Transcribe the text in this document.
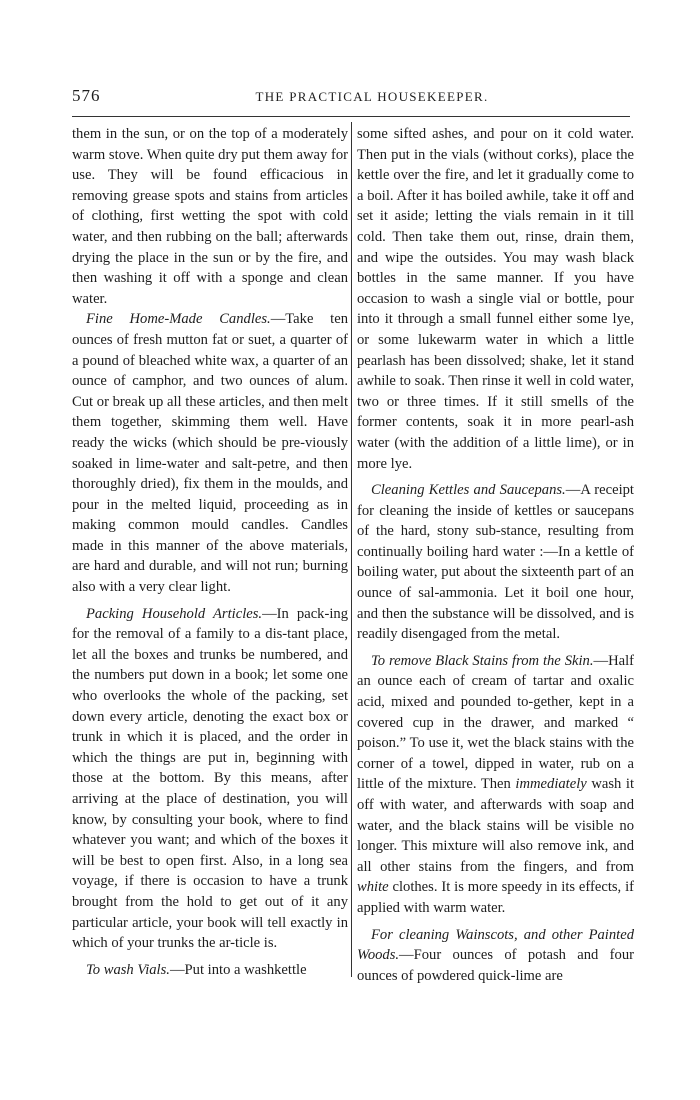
576	THE PRACTICAL HOUSEKEEPER.

them in the sun, or on the top of a moderately warm stove. When quite dry put them away for use. They will be found efficacious in removing grease spots and stains from articles of clothing, first wetting the spot with cold water, and then rubbing on the ball; afterwards drying the place in the sun or by the fire, and then washing it off with a sponge and clean water.

Fine Home-Made Candles.—Take ten ounces of fresh mutton fat or suet, a quarter of a pound of bleached white wax, a quarter of an ounce of camphor, and two ounces of alum. Cut or break up all these articles, and then melt them together, skimming them well. Have ready the wicks (which should be pre-viously soaked in lime-water and salt-petre, and then thoroughly dried), fix them in the moulds, and pour in the melted liquid, proceeding as in making common mould candles. Candles made in this manner of the above materials, are hard and durable, and will not run; burning also with a very clear light.

Packing Household Articles.—In pack-ing for the removal of a family to a dis-tant place, let all the boxes and trunks be numbered, and the numbers put down in a book; let some one who overlooks the whole of the packing, set down every article, denoting the exact box or trunk in which it is placed, and the order in which the things are put in, beginning with those at the bottom. By this means, after arriving at the place of destination, you will know, by consulting your book, where to find whatever you want; and which of the boxes it will be best to open first. Also, in a long sea voyage, if there is occasion to have a trunk brought from the hold to get out of it any particular article, your book will tell exactly in which of your trunks the ar-ticle is.

To wash Vials.—Put into a washkettle

some sifted ashes, and pour on it cold water. Then put in the vials (without corks), place the kettle over the fire, and let it gradually come to a boil. After it has boiled awhile, take it off and set it aside; letting the vials remain in it till cold. Then take them out, rinse, drain them, and wipe the outsides. You may wash black bottles in the same manner. If you have occasion to wash a single vial or bottle, pour into it through a small funnel either some lye, or some lukewarm water in which a little pearlash has been dissolved; shake, let it stand awhile to soak. Then rinse it well in cold water, two or three times. If it still smells of the former contents, soak it in more pearl-ash water (with the addition of a little lime), or in more lye.

Cleaning Kettles and Saucepans.—A receipt for cleaning the inside of kettles or saucepans of the hard, stony sub-stance, resulting from continually boiling hard water :—In a kettle of boiling water, put about the sixteenth part of an ounce of sal-ammonia. Let it boil one hour, and then the substance will be dissolved, and is readily disengaged from the metal.

To remove Black Stains from the Skin.—Half an ounce each of cream of tartar and oxalic acid, mixed and pounded to-gether, kept in a covered cup in the drawer, and marked “ poison.” To use it, wet the black stains with the corner of a towel, dipped in water, rub on a little of the mixture. Then immediately wash it off with water, and afterwards with soap and water, and the black stains will be visible no longer. This mixture will also remove ink, and all other stains from the fingers, and from white clothes. It is more speedy in its effects, if applied with warm water.

For cleaning Wainscots, and other Painted Woods.—Four ounces of potash and four ounces of powdered quick-lime are
